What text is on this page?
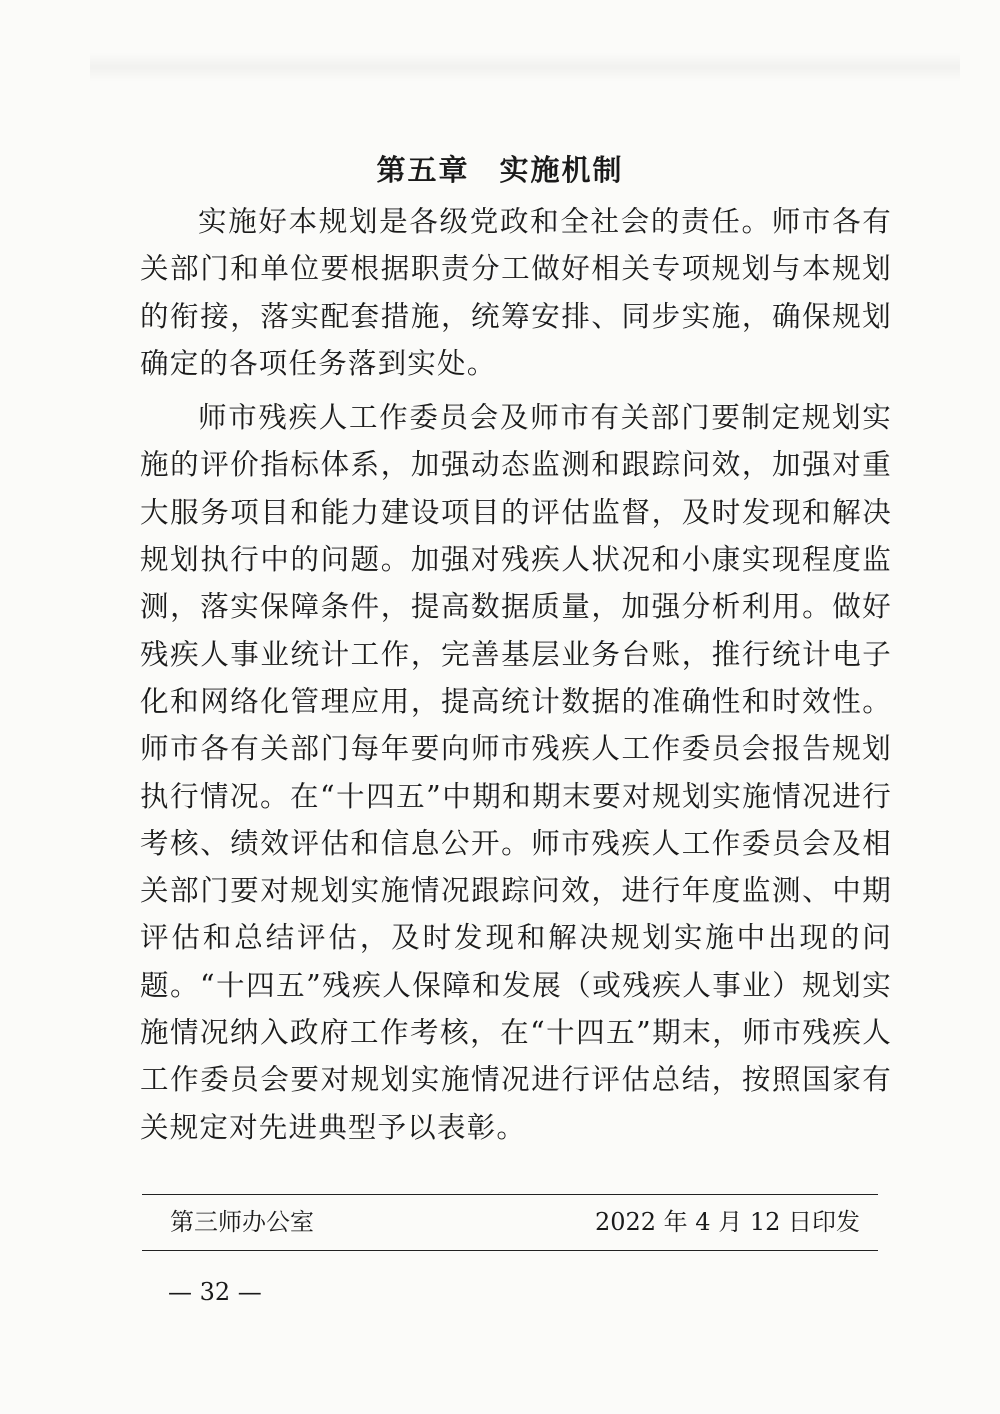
第五章 实施机制

实施好本规划是各级党政和全社会的责任。师市各有关部门和单位要根据职责分工做好相关专项规划与本规划的衔接，落实配套措施，统筹安排、同步实施，确保规划确定的各项任务落到实处。

师市残疾人工作委员会及师市有关部门要制定规划实施的评价指标体系，加强动态监测和跟踪问效，加强对重大服务项目和能力建设项目的评估监督，及时发现和解决规划执行中的问题。加强对残疾人状况和小康实现程度监测，落实保障条件，提高数据质量，加强分析利用。做好残疾人事业统计工作，完善基层业务台账，推行统计电子化和网络化管理应用，提高统计数据的准确性和时效性。师市各有关部门每年要向师市残疾人工作委员会报告规划执行情况。在“十四五”中期和期末要对规划实施情况进行考核、绩效评估和信息公开。师市残疾人工作委员会及相关部门要对规划实施情况跟踪问效，进行年度监测、中期评估和总结评估，及时发现和解决规划实施中出现的问题。“十四五”残疾人保障和发展（或残疾人事业）规划实施情况纳入政府工作考核，在“十四五”期末，师市残疾人工作委员会要对规划实施情况进行评估总结，按照国家有关规定对先进典型予以表彰。

第三师办公室	2022 年 4 月 12 日印发
— 32 —
